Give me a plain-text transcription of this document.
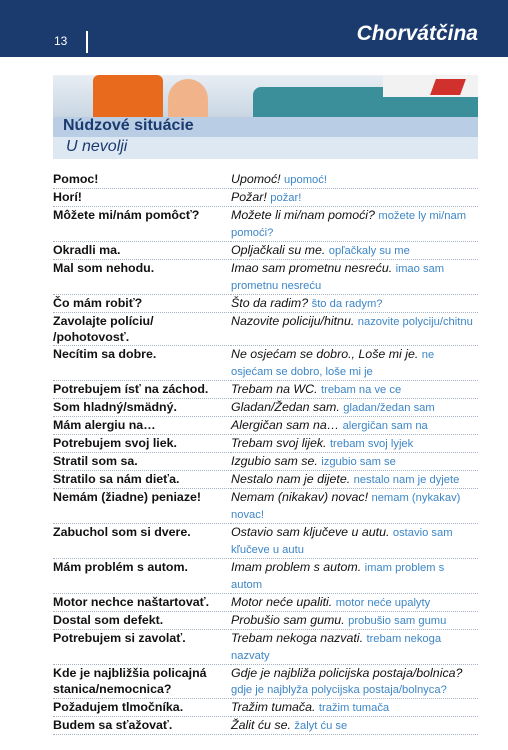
13	Chorvátčina
Núdzové situácie
U nevolji
Pomoc!	Upomoć! upomoć!
Horí!	Požar! požar!
Môžete mi/nám pomôcť?	Možete li mi/nam pomoći? možete ly mi/nam pomoći?
Okradli ma.	Opljačkali su me. opľačkaly su me
Mal som nehodu.	Imao sam prometnu nesreću. imao sam prometnu nesreću
Čo mám robiť?	Što da radim? što da radym?
Zavolajte políciu/ /pohotovosť.	Nazovite policiju/hitnu. nazovite polyciju/chitnu
Necítim sa dobre.	Ne osjećam se dobro., Loše mi je. ne osjećam se dobro, loše mi je
Potrebujem ísť na záchod.	Trebam na WC. trebam na ve ce
Som hladný/smädný.	Gladan/Žedan sam. gladan/žedan sam
Mám alergiu na…	Alergičan sam na… alergičan sam na
Potrebujem svoj liek.	Trebam svoj lijek. trebam svoj lyjek
Stratil som sa.	Izgubio sam se. izgubio sam se
Stratilo sa nám dieťa.	Nestalo nam je dijete. nestalo nam je dyjete
Nemám (žiadne) peniaze!	Nemam (nikakav) novac! nemam (nykakav) novac!
Zabuchol som si dvere.	Ostavio sam ključeve u autu. ostavio sam kľučeve u autu
Mám problém s autom.	Imam problem s autom. imam problem s autom
Motor nechce naštartovať.	Motor neće upaliti. motor neće upalyty
Dostal som defekt.	Probušio sam gumu. probušio sam gumu
Potrebujem si zavolať.	Trebam nekoga nazvati. trebam nekoga nazvaty
Kde je najbližšia policajná stanica/nemocnica?	Gdje je najbliža policijska postaja/bolnica? gdje je najblyža polycijska postaja/bolnyca?
Požadujem tlmočníka.	Tražim tumača. tražim tumača
Budem sa sťažovať.	Žalit ću se. žalyt ću se
